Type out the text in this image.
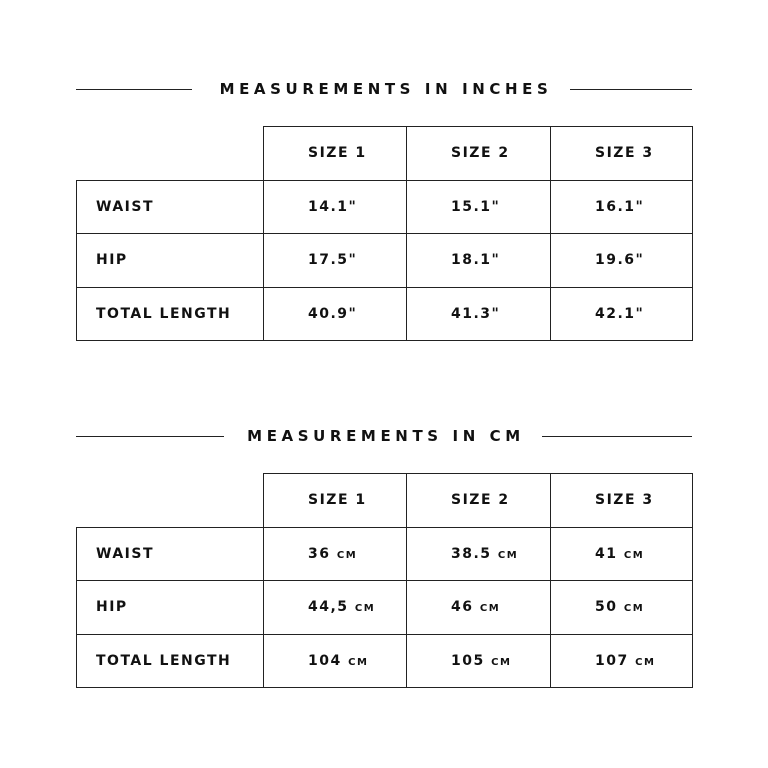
MEASUREMENTS IN INCHES
	SIZE 1	SIZE 2	SIZE 3
WAIST	14.1"	15.1"	16.1"
HIP	17.5"	18.1"	19.6"
TOTAL LENGTH	40.9"	41.3"	42.1"
MEASUREMENTS IN CM
	SIZE 1	SIZE 2	SIZE 3
WAIST	36 cm	38.5 cm	41 cm
HIP	44,5 cm	46 cm	50 cm
TOTAL LENGTH	104 cm	105 cm	107 cm
